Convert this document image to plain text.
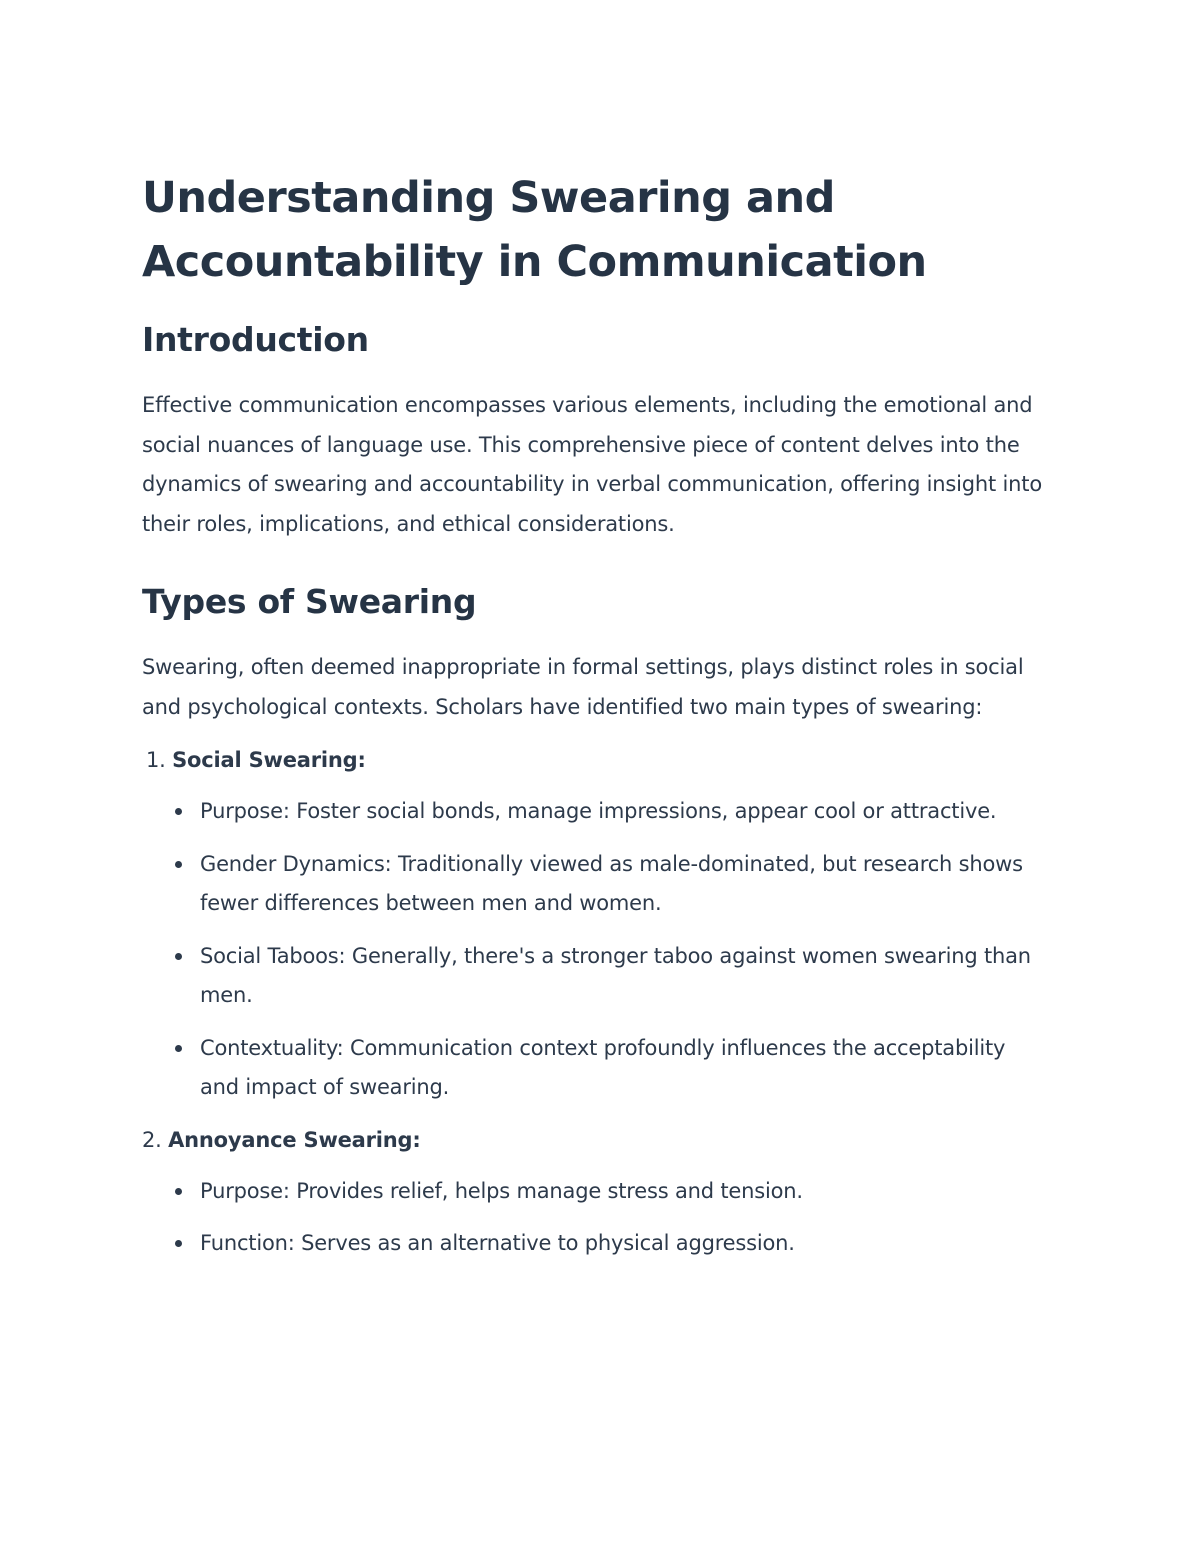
Understanding Swearing and Accountability in Communication
Introduction

Effective communication encompasses various elements, including the emotional and social nuances of language use. This comprehensive piece of content delves into the dynamics of swearing and accountability in verbal communication, offering insight into their roles, implications, and ethical considerations.

Types of Swearing

Swearing, often deemed inappropriate in formal settings, plays distinct roles in social and psychological contexts. Scholars have identified two main types of swearing:

1. Social Swearing:

Purpose: Foster social bonds, manage impressions, appear cool or attractive.
Gender Dynamics: Traditionally viewed as male-dominated, but research shows fewer differences between men and women.
Social Taboos: Generally, there's a stronger taboo against women swearing than men.
Contextuality: Communication context profoundly influences the acceptability and impact of swearing.

2. Annoyance Swearing:

Purpose: Provides relief, helps manage stress and tension.
Function: Serves as an alternative to physical aggression.
